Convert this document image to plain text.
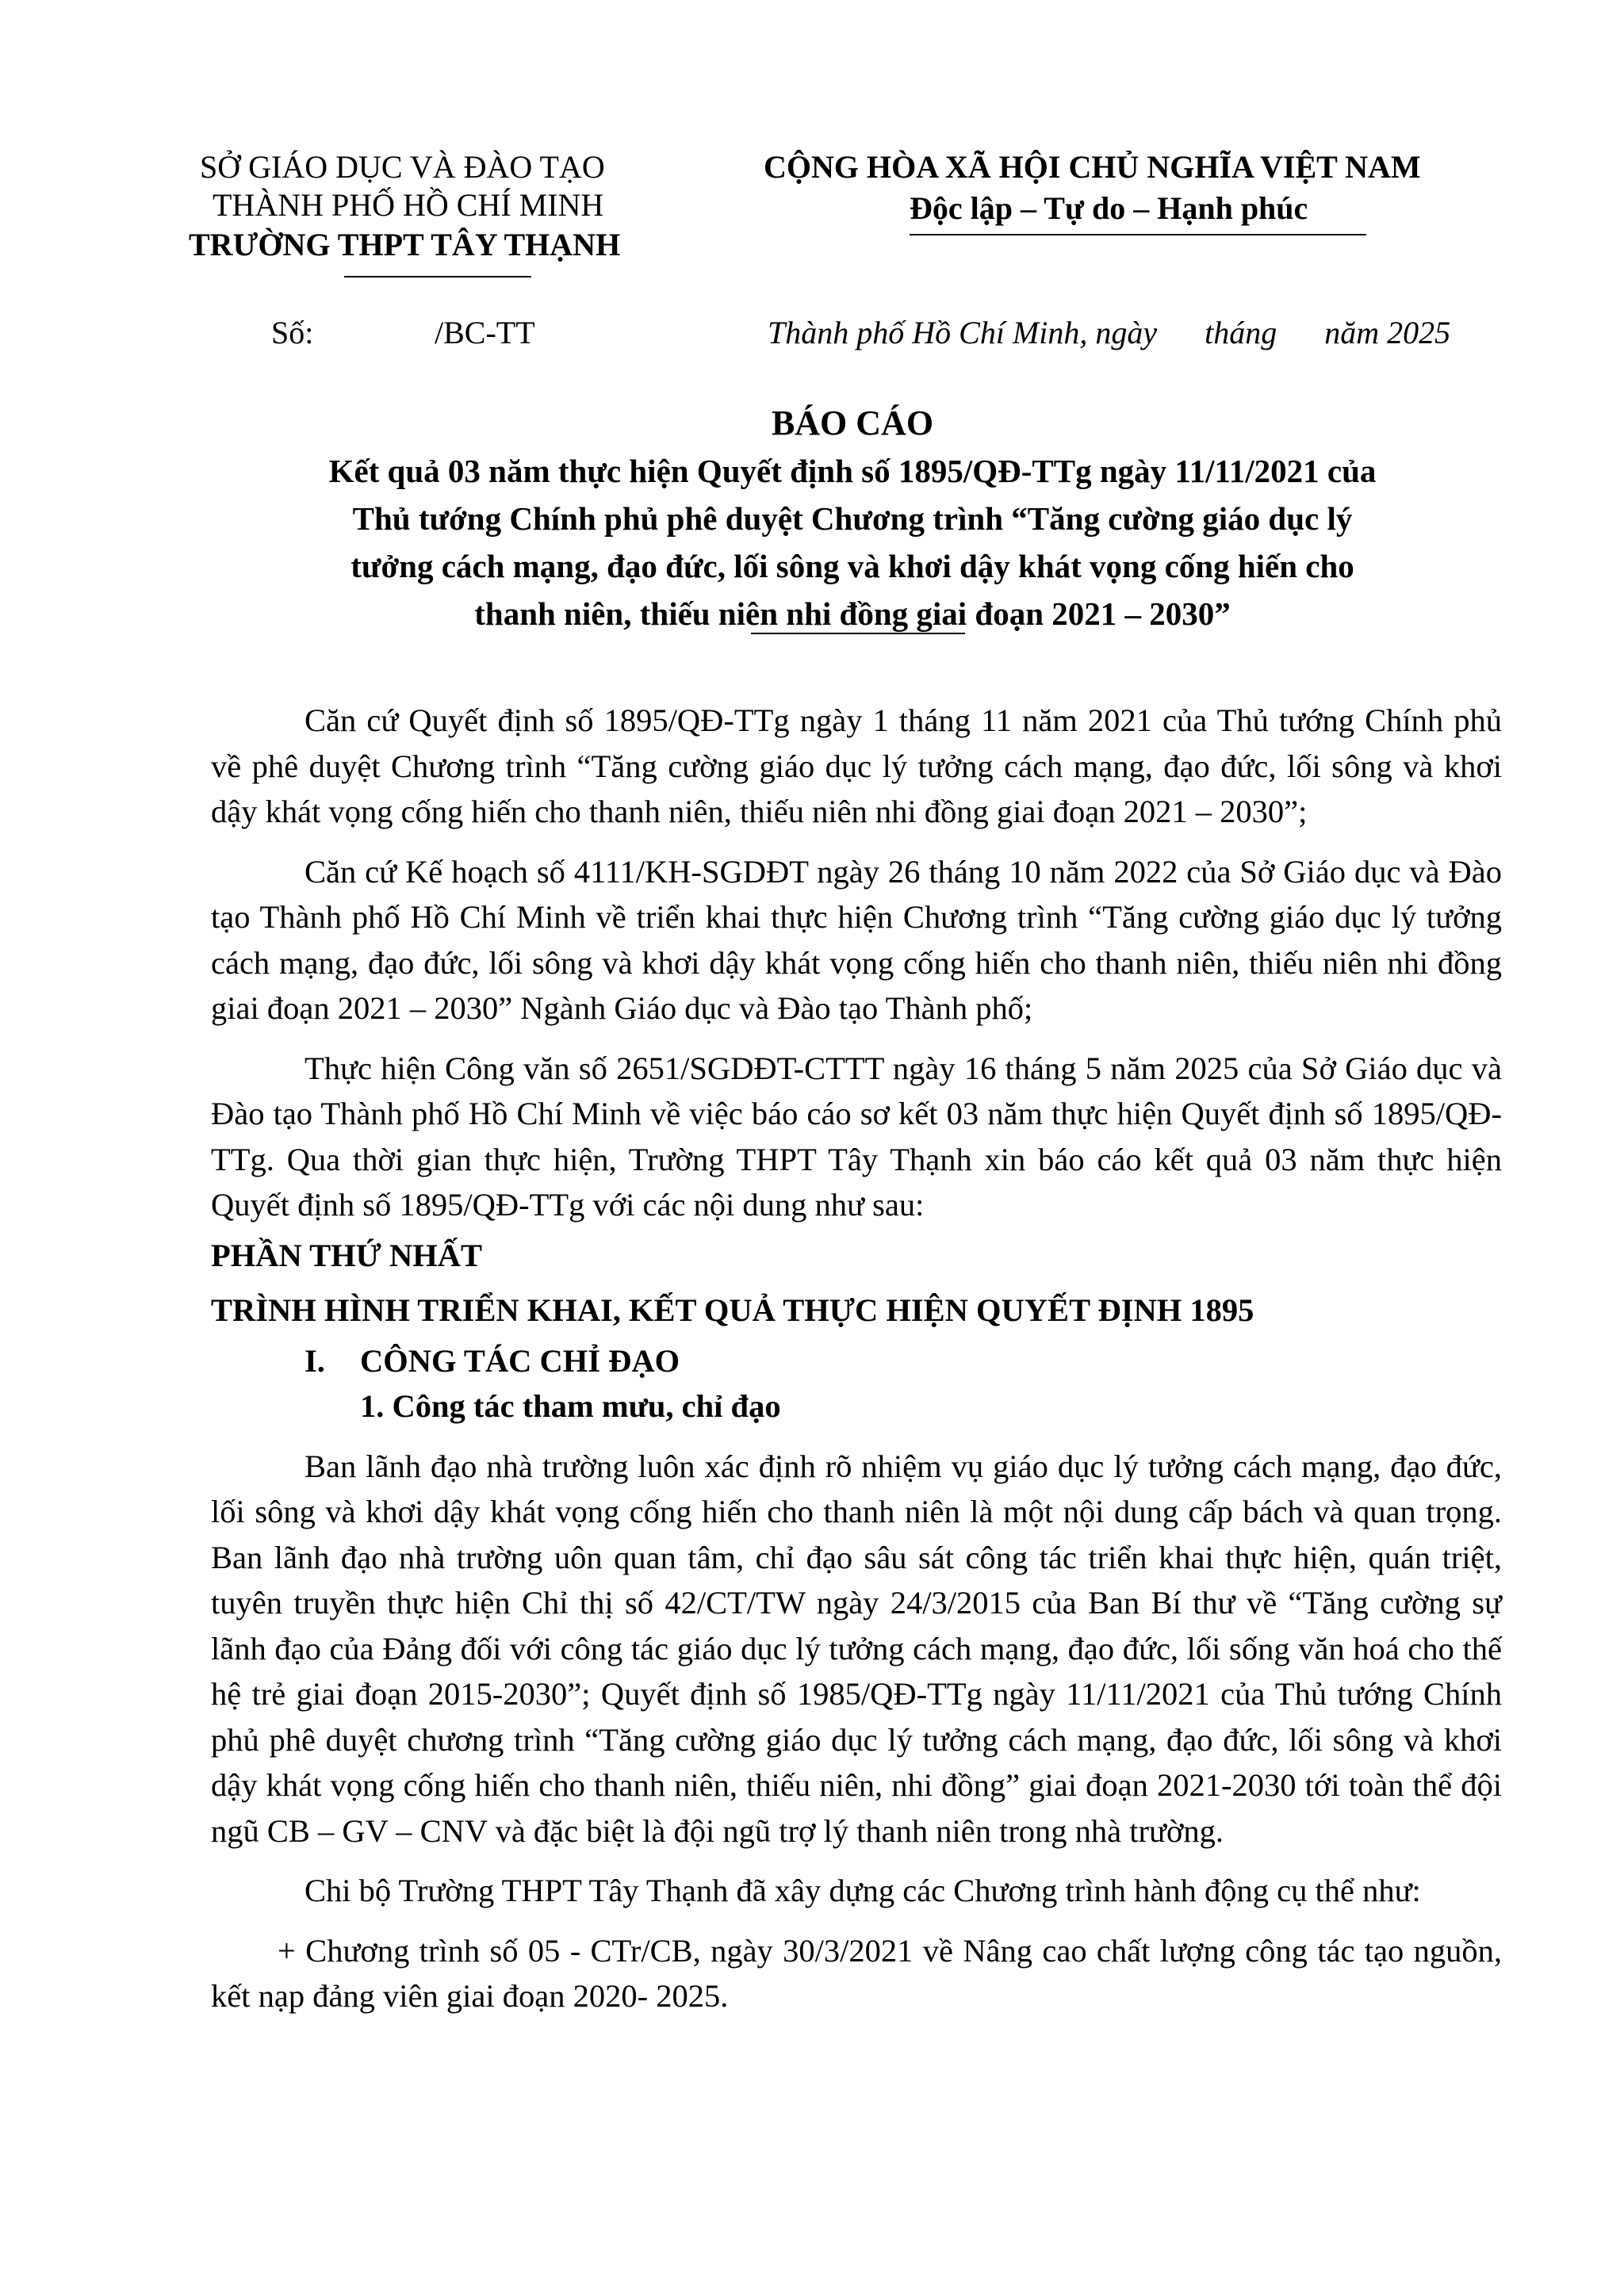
SỞ GIÁO DỤC VÀ ĐÀO TẠO
THÀNH PHỐ HỒ CHÍ MINH
TRƯỜNG THPT TÂY THẠNH
CỘNG HÒA XÃ HỘI CHỦ NGHĨA VIỆT NAM
Độc lập – Tự do – Hạnh phúc
Số:	/BC-TT	Thành phố Hồ Chí Minh, ngày      tháng      năm 2025
BÁO CÁO
Kết quả 03 năm thực hiện Quyết định số 1895/QĐ-TTg ngày 11/11/2021 của
Thủ tướng Chính phủ phê duyệt Chương trình “Tăng cường giáo dục lý
tưởng cách mạng, đạo đức, lối sông và khơi dậy khát vọng cống hiến cho
thanh niên, thiếu niên nhi đồng giai đoạn 2021 – 2030”

Căn cứ Quyết định số 1895/QĐ-TTg ngày 1 tháng 11 năm 2021 của Thủ tướng Chính phủ về phê duyệt Chương trình “Tăng cường giáo dục lý tưởng cách mạng, đạo đức, lối sông và khơi dậy khát vọng cống hiến cho thanh niên, thiếu niên nhi đồng giai đoạn 2021 – 2030”;

Căn cứ Kế hoạch số 4111/KH-SGDĐT ngày 26 tháng 10 năm 2022 của Sở Giáo dục và Đào tạo Thành phố Hồ Chí Minh về triển khai thực hiện Chương trình “Tăng cường giáo dục lý tưởng cách mạng, đạo đức, lối sông và khơi dậy khát vọng cống hiến cho thanh niên, thiếu niên nhi đồng giai đoạn 2021 – 2030” Ngành Giáo dục và Đào tạo Thành phố;

Thực hiện Công văn số 2651/SGDĐT-CTTT ngày 16 tháng 5 năm 2025 của Sở Giáo dục và Đào tạo Thành phố Hồ Chí Minh về việc báo cáo sơ kết 03 năm thực hiện Quyết định số 1895/QĐ-TTg. Qua thời gian thực hiện, Trường THPT Tây Thạnh xin báo cáo kết quả 03 năm thực hiện Quyết định số 1895/QĐ-TTg với các nội dung như sau:

PHẦN THỨ NHẤT

TRÌNH HÌNH TRIỂN KHAI, KẾT QUẢ THỰC HIỆN QUYẾT ĐỊNH 1895

I. CÔNG TÁC CHỈ ĐẠO

1. Công tác tham mưu, chỉ đạo

Ban lãnh đạo nhà trường luôn xác định rõ nhiệm vụ giáo dục lý tưởng cách mạng, đạo đức, lối sông và khơi dậy khát vọng cống hiến cho thanh niên là một nội dung cấp bách và quan trọng. Ban lãnh đạo nhà trường uôn quan tâm, chỉ đạo sâu sát công tác triển khai thực hiện, quán triệt, tuyên truyền thực hiện Chỉ thị số 42/CT/TW ngày 24/3/2015 của Ban Bí thư về “Tăng cường sự lãnh đạo của Đảng đối với công tác giáo dục lý tưởng cách mạng, đạo đức, lối sống văn hoá cho thế hệ trẻ giai đoạn 2015-2030”; Quyết định số 1985/QĐ-TTg ngày 11/11/2021 của Thủ tướng Chính phủ phê duyệt chương trình “Tăng cường giáo dục lý tưởng cách mạng, đạo đức, lối sông và khơi dậy khát vọng cống hiến cho thanh niên, thiếu niên, nhi đồng” giai đoạn 2021-2030 tới toàn thể đội ngũ CB – GV – CNV và đặc biệt là đội ngũ trợ lý thanh niên trong nhà trường.

Chi bộ Trường THPT Tây Thạnh đã xây dựng các Chương trình hành động cụ thể như:

+ Chương trình số 05 - CTr/CB, ngày 30/3/2021 về Nâng cao chất lượng công tác tạo nguồn, kết nạp đảng viên giai đoạn 2020- 2025.
